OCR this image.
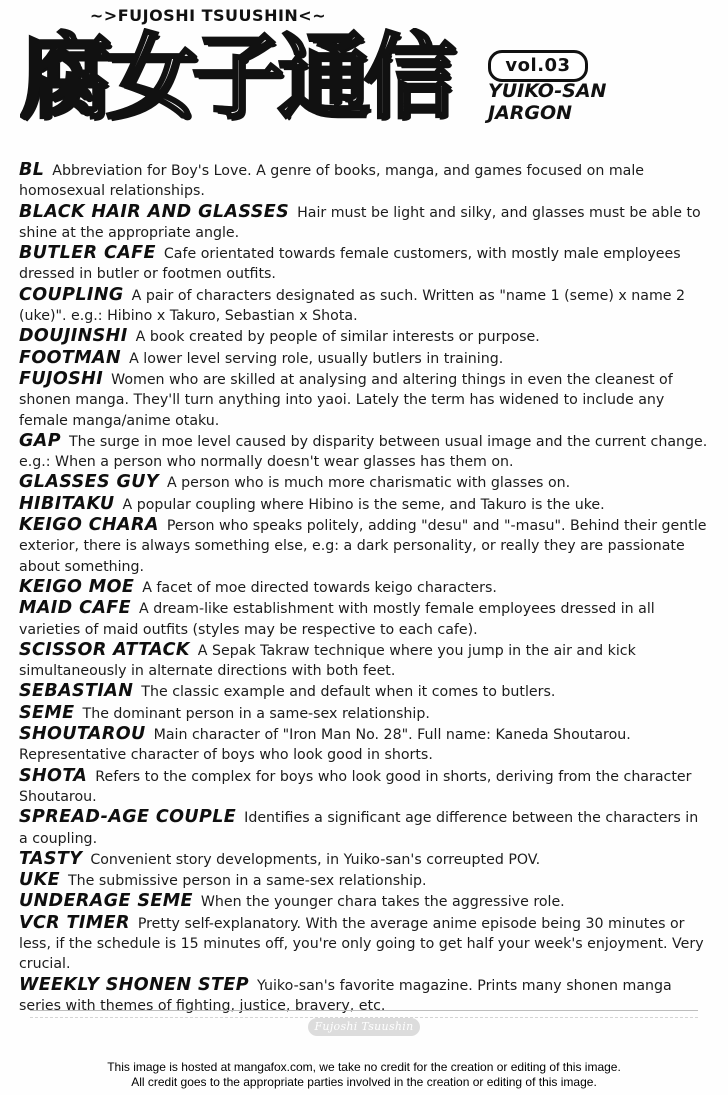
~>FUJOSHI TSUUSHIN<~
腐女子通信	vol.03
YUIKO-SAN
JARGON

BL Abbreviation for Boy's Love. A genre of books, manga, and games focused on male homosexual relationships.

BLACK HAIR AND GLASSES Hair must be light and silky, and glasses must be able to shine at the appropriate angle.

BUTLER CAFE Cafe orientated towards female customers, with mostly male employees dressed in butler or footmen outfits.

COUPLING A pair of characters designated as such. Written as "name 1 (seme) x name 2 (uke)". e.g.: Hibino x Takuro, Sebastian x Shota.

DOUJINSHI A book created by people of similar interests or purpose.

FOOTMAN A lower level serving role, usually butlers in training.

FUJOSHI Women who are skilled at analysing and altering things in even the cleanest of shonen manga. They'll turn anything into yaoi. Lately the term has widened to include any female manga/anime otaku.

GAP The surge in moe level caused by disparity between usual image and the current change. e.g.: When a person who normally doesn't wear glasses has them on.

GLASSES GUY A person who is much more charismatic with glasses on.

HIBITAKU A popular coupling where Hibino is the seme, and Takuro is the uke.

KEIGO CHARA Person who speaks politely, adding "desu" and "-masu". Behind their gentle exterior, there is always something else, e.g: a dark personality, or really they are passionate about something.

KEIGO MOE A facet of moe directed towards keigo characters.

MAID CAFE A dream-like establishment with mostly female employees dressed in all varieties of maid outfits (styles may be respective to each cafe).

SCISSOR ATTACK A Sepak Takraw technique where you jump in the air and kick simultaneously in alternate directions with both feet.

SEBASTIAN The classic example and default when it comes to butlers.

SEME The dominant person in a same-sex relationship.

SHOUTAROU Main character of "Iron Man No. 28". Full name: Kaneda Shoutarou. Representative character of boys who look good in shorts.

SHOTA Refers to the complex for boys who look good in shorts, deriving from the character Shoutarou.

SPREAD-AGE COUPLE Identifies a significant age difference between the characters in a coupling.

TASTY Convenient story developments, in Yuiko-san's correupted POV.

UKE The submissive person in a same-sex relationship.

UNDERAGE SEME When the younger chara takes the aggressive role.

VCR TIMER Pretty self-explanatory. With the average anime episode being 30 minutes or less, if the schedule is 15 minutes off, you're only going to get half your week's enjoyment. Very crucial.

WEEKLY SHONEN STEP Yuiko-san's favorite magazine. Prints many shonen manga series with themes of fighting, justice, bravery, etc.

Fujoshi Tsuushin
This image is hosted at mangafox.com, we take no credit for the creation or editing of this image.
All credit goes to the appropriate parties involved in the creation or editing of this image.
